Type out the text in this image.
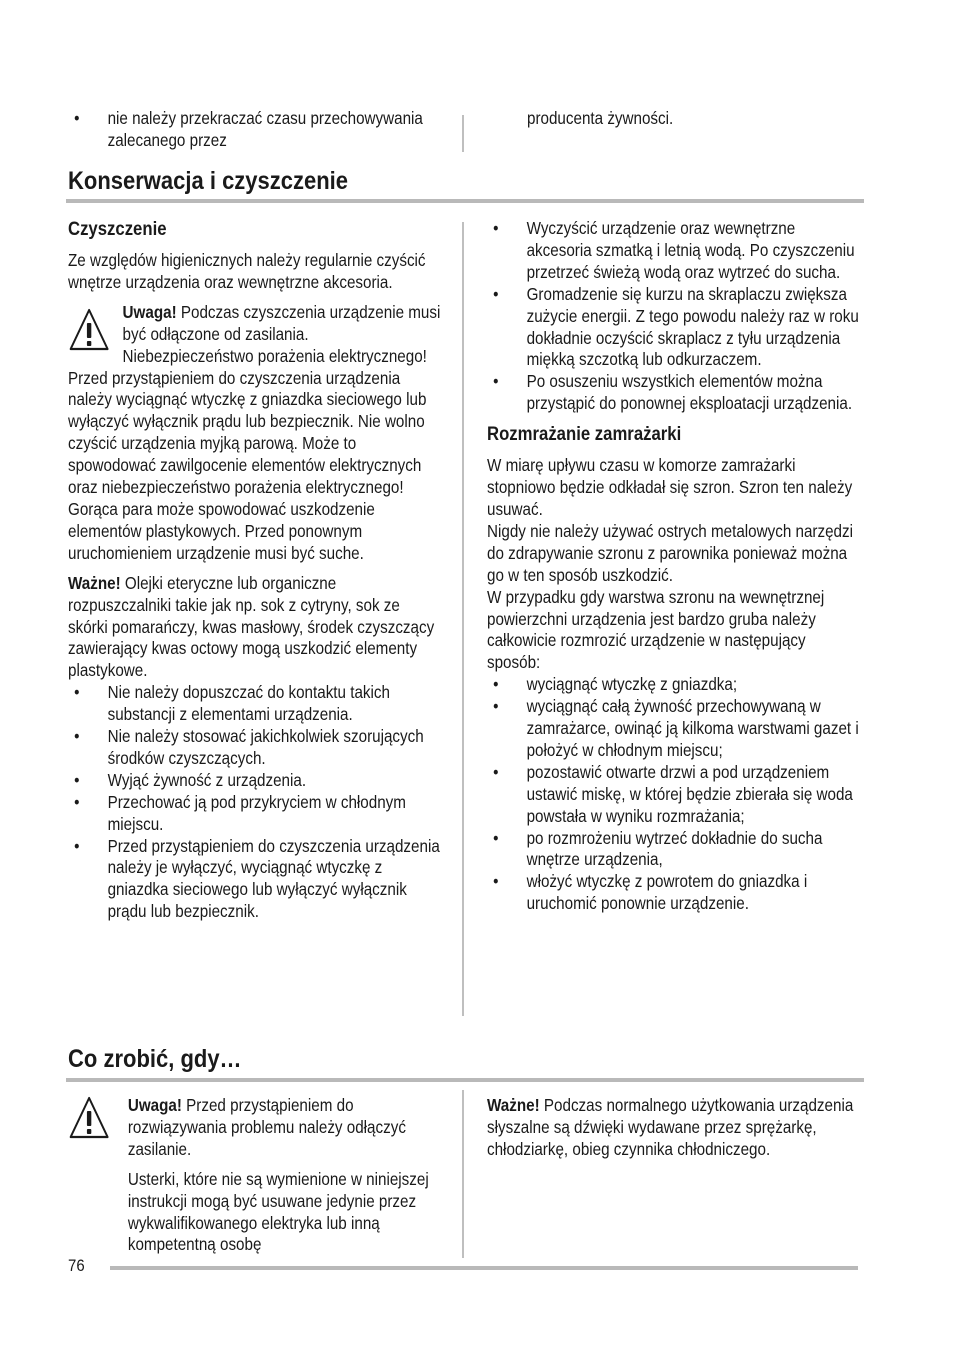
• nie należy przekraczać czasu przechowywania zalecanego przez

producenta żywności.

Konserwacja i czyszczenie
Czyszczenie

Ze względów higienicznych należy regularnie czyścić wnętrze urządzenia oraz wewnętrzne akcesoria.

Uwaga! Podczas czyszczenia urządzenie musi być odłączone od zasilania. Niebezpieczeństwo porażenia elektrycznego! Przed przystąpieniem do czyszczenia urządzenia należy wyciągnąć wtyczkę z gniazdka sieciowego lub wyłączyć wyłącznik prądu lub bezpiecznik. Nie wolno czyścić urządzenia myjką parową. Może to spowodować zawilgocenie elementów elektrycznych oraz niebezpieczeństwo porażenia elektrycznego! Gorąca para może spowodować uszkodzenie elementów plastykowych. Przed ponownym uruchomieniem urządzenie musi być suche.

Ważne! Olejki eteryczne lub organiczne rozpuszczalniki takie jak np. sok z cytryny, sok ze skórki pomarańczy, kwas masłowy, środek czyszczący zawierający kwas octowy mogą uszkodzić elementy plastykowe.

• Nie należy dopuszczać do kontaktu takich substancji z elementami urządzenia.
• Nie należy stosować jakichkolwiek szorujących środków czyszczących.
• Wyjąć żywność z urządzenia.
• Przechować ją pod przykryciem w chłodnym miejscu.
• Przed przystąpieniem do czyszczenia urządzenia należy je wyłączyć, wyciągnąć wtyczkę z gniazdka sieciowego lub wyłączyć wyłącznik prądu lub bezpiecznik.
• Wyczyścić urządzenie oraz wewnętrzne akcesoria szmatką i letnią wodą. Po czyszczeniu przetrzeć świeżą wodą oraz wytrzeć do sucha.
• Gromadzenie się kurzu na skraplaczu zwiększa zużycie energii. Z tego powodu należy raz w roku dokładnie oczyścić skraplacz z tyłu urządzenia miękką szczotką lub odkurzaczem.
• Po osuszeniu wszystkich elementów można przystąpić do ponownej eksploatacji urządzenia.
Rozmrażanie zamrażarki

W miarę upływu czasu w komorze zamrażarki stopniowo będzie odkładał się szron. Szron ten należy usuwać.

Nigdy nie należy używać ostrych metalowych narzędzi do zdrapywanie szronu z parownika ponieważ można go w ten sposób uszkodzić.

W przypadku gdy warstwa szronu na wewnętrznej powierzchni urządzenia jest bardzo gruba należy całkowicie rozmrozić urządzenie w następujący sposób:

• wyciągnąć wtyczkę z gniazdka;
• wyciągnąć całą żywność przechowywaną w zamrażarce, owinąć ją kilkoma warstwami gazet i położyć w chłodnym miejscu;
• pozostawić otwarte drzwi a pod urządzeniem ustawić miskę, w której będzie zbierała się woda powstała w wyniku rozmrażania;
• po rozmrożeniu wytrzeć dokładnie do sucha wnętrze urządzenia,
• włożyć wtyczkę z powrotem do gniazdka i uruchomić ponownie urządzenie.
Co zrobić, gdy…

Uwaga! Przed przystąpieniem do rozwiązywania problemu należy odłączyć zasilanie.

Usterki, które nie są wymienione w niniejszej instrukcji mogą być usuwane jedynie przez wykwalifikowanego elektryka lub inną kompetentną osobę

Ważne! Podczas normalnego użytkowania urządzenia słyszalne są dźwięki wydawane przez sprężarkę, chłodziarkę, obieg czynnika chłodniczego.

76
